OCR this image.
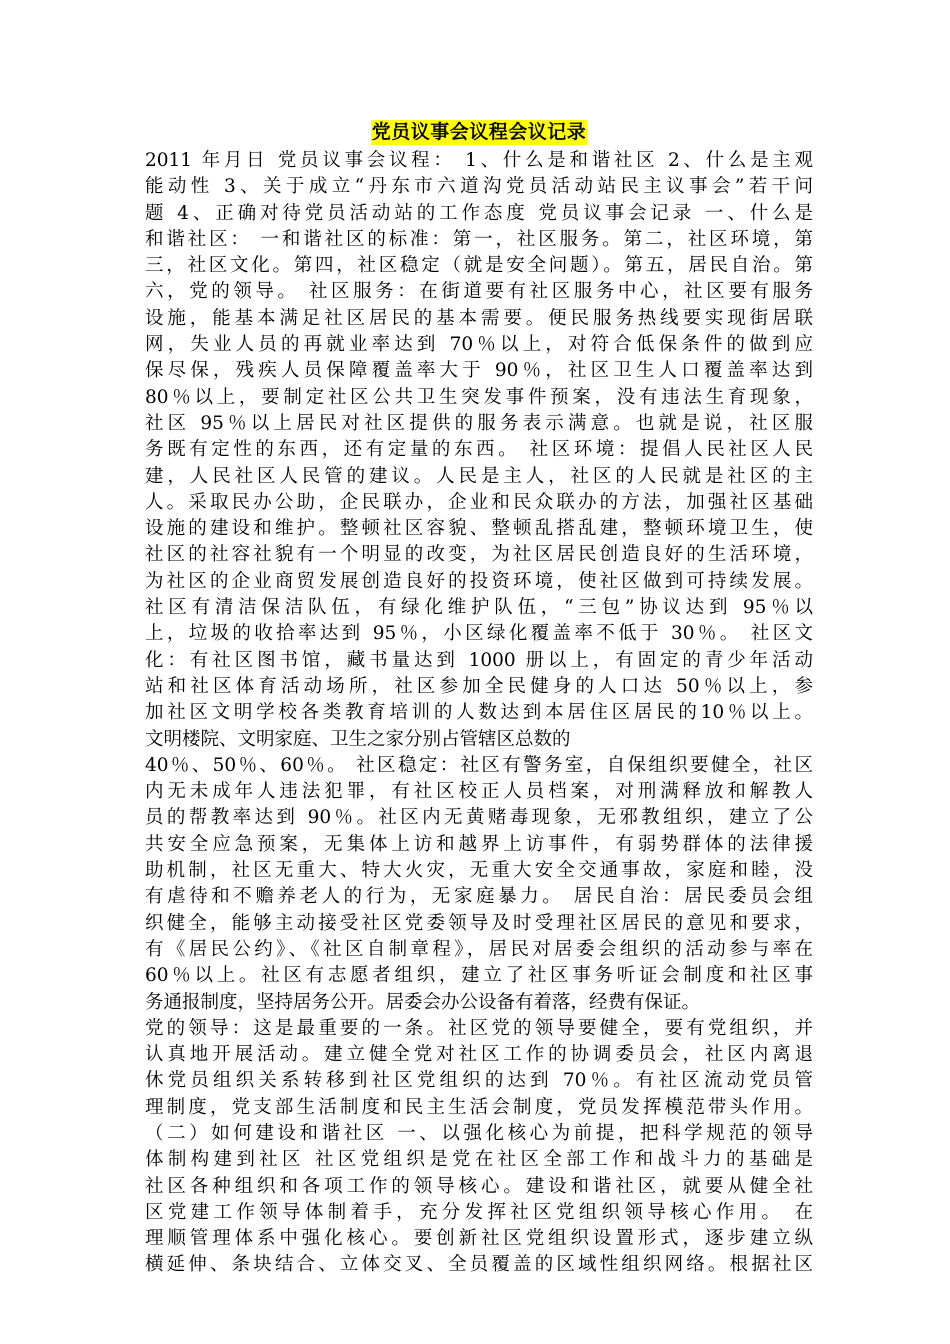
党员议事会议程会议记录
2011 年月日 党员议事会议程： 1、什么是和谐社区 2、什么是主观
能动性 3、关于成立“丹东市六道沟党员活动站民主议事会”若干问
题 4、正确对待党员活动站的工作态度 党员议事会记录 一、什么是
和谐社区： 一和谐社区的标准：第一，社区服务。第二，社区环境，第
三，社区文化。第四，社区稳定（就是安全问题）。第五，居民自治。第
六，党的领导。 社区服务：在街道要有社区服务中心，社区要有服务
设施，能基本满足社区居民的基本需要。便民服务热线要实现街居联
网，失业人员的再就业率达到 70％以上，对符合低保条件的做到应
保尽保，残疾人员保障覆盖率大于 90％，社区卫生人口覆盖率达到
80％以上，要制定社区公共卫生突发事件预案，没有违法生育现象，
社区 95％以上居民对社区提供的服务表示满意。也就是说，社区服
务既有定性的东西，还有定量的东西。 社区环境：提倡人民社区人民
建，人民社区人民管的建议。人民是主人，社区的人民就是社区的主
人。采取民办公助，企民联办，企业和民众联办的方法，加强社区基础
设施的建设和维护。整顿社区容貌、整顿乱搭乱建，整顿环境卫生，使
社区的社容社貌有一个明显的改变，为社区居民创造良好的生活环境，
为社区的企业商贸发展创造良好的投资环境，使社区做到可持续发展。
社区有清洁保洁队伍，有绿化维护队伍，“三包”协议达到 95％以
上，垃圾的收拾率达到 95％，小区绿化覆盖率不低于 30％。 社区文
化：有社区图书馆，藏书量达到 1000 册以上，有固定的青少年活动
站和社区体育活动场所，社区参加全民健身的人口达 50％以上，参
加社区文明学校各类教育培训的人数达到本居住区居民的10％以上。
文明楼院、文明家庭、卫生之家分别占管辖区总数的
40％、50％、60％。 社区稳定：社区有警务室，自保组织要健全，社区
内无未成年人违法犯罪，有社区校正人员档案，对刑满释放和解教人
员的帮教率达到 90％。社区内无黄赌毒现象，无邪教组织，建立了公
共安全应急预案，无集体上访和越界上访事件，有弱势群体的法律援
助机制，社区无重大、特大火灾，无重大安全交通事故，家庭和睦，没
有虐待和不赡养老人的行为，无家庭暴力。 居民自治：居民委员会组
织健全，能够主动接受社区党委领导及时受理社区居民的意见和要求，
有《居民公约》、《社区自制章程》，居民对居委会组织的活动参与率在
60％以上。社区有志愿者组织，建立了社区事务听证会制度和社区事
务通报制度，坚持居务公开。居委会办公设备有着落，经费有保证。
党的领导：这是最重要的一条。社区党的领导要健全，要有党组织，并
认真地开展活动。建立健全党对社区工作的协调委员会，社区内离退
休党员组织关系转移到社区党组织的达到 70％。有社区流动党员管
理制度，党支部生活制度和民主生活会制度，党员发挥模范带头作用。
（二）如何建设和谐社区 一、以强化核心为前提，把科学规范的领导
体制构建到社区 社区党组织是党在社区全部工作和战斗力的基础是
社区各种组织和各项工作的领导核心。建设和谐社区，就要从健全社
区党建工作领导体制着手，充分发挥社区党组织领导核心作用。 在
理顺管理体系中强化核心。要创新社区党组织设置形式，逐步建立纵
横延伸、条块结合、立体交叉、全员覆盖的区域性组织网络。根据社区
